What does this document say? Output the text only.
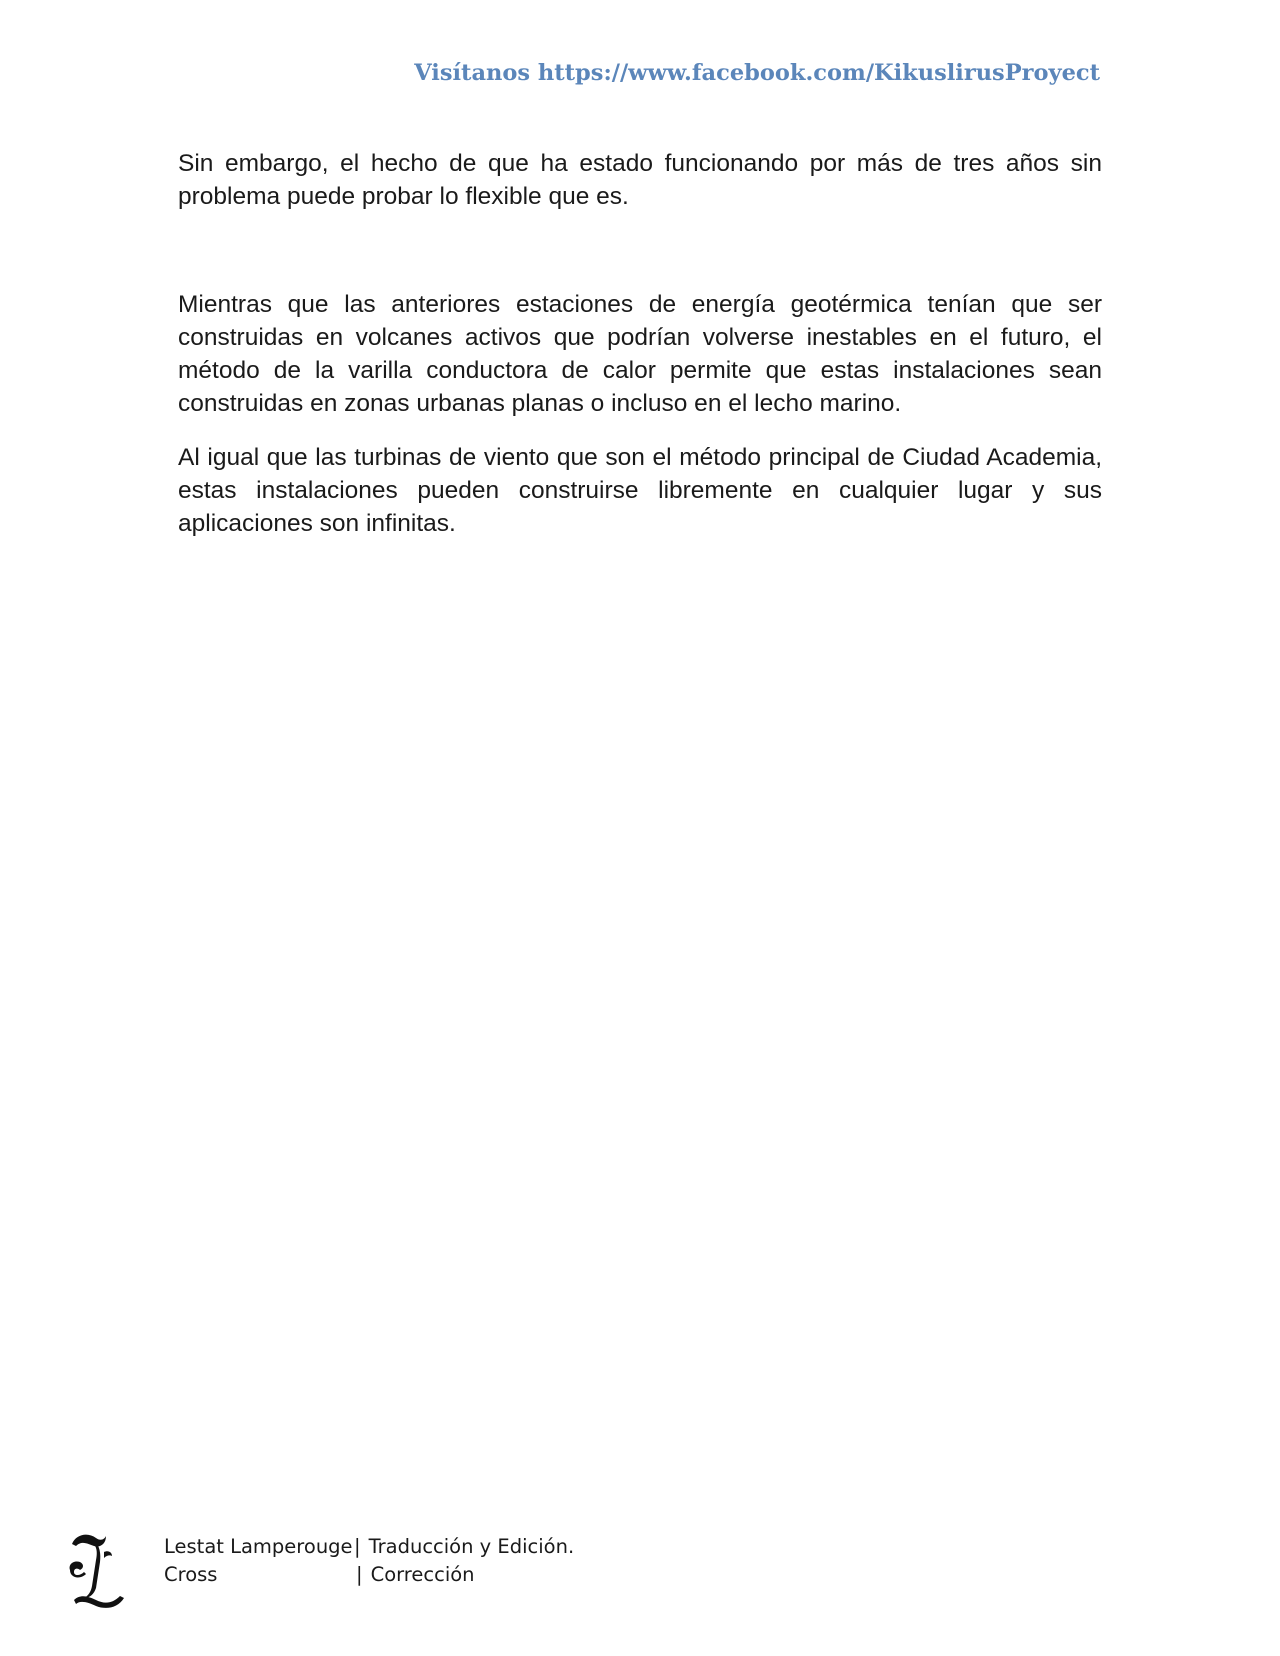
Visítanos https://www.facebook.com/KikuslirusProyect

Sin embargo, el hecho de que ha estado funcionando por más de tres años sin problema puede probar lo flexible que es.

Mientras que las anteriores estaciones de energía geotérmica tenían que ser construidas en volcanes activos que podrían volverse inestables en el futuro, el método de la varilla conductora de calor permite que estas instalaciones sean construidas en zonas urbanas planas o incluso en el lecho marino.

Al igual que las turbinas de viento que son el método principal de Ciudad Academia, estas instalaciones pueden construirse libremente en cualquier lugar y sus aplicaciones son infinitas.

Lestat Lamperouge | Traducción y Edición.
Cross	| Corrección
